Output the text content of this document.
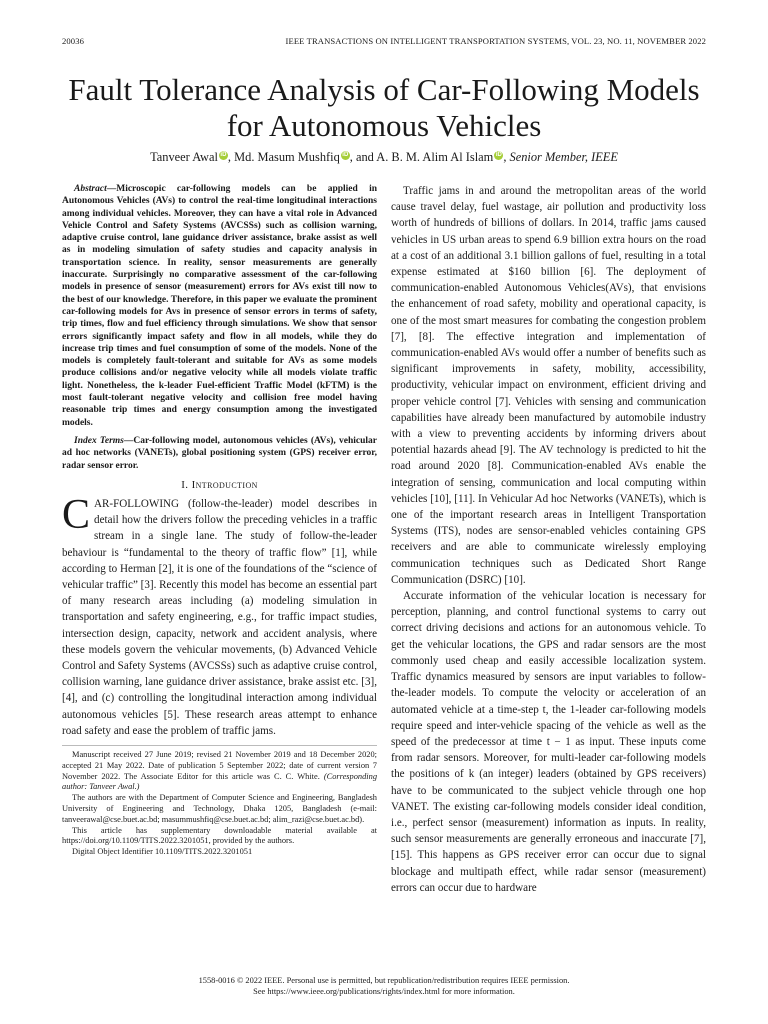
20036	IEEE TRANSACTIONS ON INTELLIGENT TRANSPORTATION SYSTEMS, VOL. 23, NO. 11, NOVEMBER 2022
Fault Tolerance Analysis of Car-Following Models
for Autonomous Vehicles
Tanveer Awal iD , Md. Masum Mushfiq iD , and A. B. M. Alim Al Islam iD , Senior Member, IEEE

Abstract—Microscopic car-following models can be applied in Autonomous Vehicles (AVs) to control the real-time longitudinal interactions among individual vehicles. Moreover, they can have a vital role in Advanced Vehicle Control and Safety Systems (AVCSSs) such as collision warning, adaptive cruise control, lane guidance driver assistance, brake assist as well as in modeling simulation of safety studies and capacity analysis in transportation science. In reality, sensor measurements are generally inaccurate. Surprisingly no comparative assessment of the car-following models in presence of sensor (measurement) errors for AVs exist till now to the best of our knowledge. Therefore, in this paper we evaluate the prominent car-following models for Avs in presence of sensor errors in terms of safety, trip times, flow and fuel efficiency through simulations. We show that sensor errors significantly impact safety and flow in all models, while they do increase trip times and fuel consumption of some of the models. None of the models is completely fault-tolerant and suitable for AVs as some models produce collisions and/or negative velocity while all models violate traffic light. Nonetheless, the k-leader Fuel-efficient Traffic Model (kFTM) is the most fault-tolerant negative velocity and collision free model having reasonable trip times and energy consumption among the investigated models.

Index Terms—Car-following model, autonomous vehicles (AVs), vehicular ad hoc networks (VANETs), global positioning system (GPS) receiver error, radar sensor error.

I. Introduction

CAR-FOLLOWING (follow-the-leader) model describes in detail how the drivers follow the preceding vehicles in a traffic stream in a single lane. The study of follow-the-leader behaviour is “fundamental to the theory of traffic flow” [1], while according to Herman [2], it is one of the foundations of the “science of vehicular traffic” [3]. Recently this model has become an essential part of many research areas including (a) modeling simulation in transportation and safety engineering, e.g., for traffic impact studies, intersection design, capacity, network and accident analysis, where these models govern the vehicular movements, (b) Advanced Vehicle Control and Safety Systems (AVCSSs) such as adaptive cruise control, collision warning, lane guidance driver assistance, brake assist etc. [3], [4], and (c) controlling the longitudinal interaction among individual autonomous vehicles [5]. These research areas attempt to enhance road safety and ease the problem of traffic jams.

Manuscript received 27 June 2019; revised 21 November 2019 and 18 December 2020; accepted 21 May 2022. Date of publication 5 September 2022; date of current version 7 November 2022. The Associate Editor for this article was C. C. White. (Corresponding author: Tanveer Awal.)

The authors are with the Department of Computer Science and Engineering, Bangladesh University of Engineering and Technology, Dhaka 1205, Bangladesh (e-mail: tanveerawal@cse.buet.ac.bd; masummushfiq@cse.buet.ac.bd; alim_razi@cse.buet.ac.bd).

This article has supplementary downloadable material available at https://doi.org/10.1109/TITS.2022.3201051, provided by the authors.

Digital Object Identifier 10.1109/TITS.2022.3201051

Traffic jams in and around the metropolitan areas of the world cause travel delay, fuel wastage, air pollution and productivity loss worth of hundreds of billions of dollars. In 2014, traffic jams caused vehicles in US urban areas to spend 6.9 billion extra hours on the road at a cost of an additional 3.1 billion gallons of fuel, resulting in a total expense estimated at $160 billion [6]. The deployment of communication-enabled Autonomous Vehicles(AVs), that envisions the enhancement of road safety, mobility and operational capacity, is one of the most smart measures for combating the congestion problem [7], [8]. The effective integration and implementation of communication-enabled AVs would offer a number of benefits such as significant improvements in safety, mobility, accessibility, productivity, vehicular impact on environment, efficient driving and proper vehicle control [7]. Vehicles with sensing and communication capabilities have already been manufactured by automobile industry with a view to preventing accidents by informing drivers about potential hazards ahead [9]. The AV technology is predicted to hit the road around 2020 [8]. Communication-enabled AVs enable the integration of sensing, communication and local computing within vehicles [10], [11]. In Vehicular Ad hoc Networks (VANETs), which is one of the important research areas in Intelligent Transportation Systems (ITS), nodes are sensor-enabled vehicles containing GPS receivers and are able to communicate wirelessly employing communication techniques such as Dedicated Short Range Communication (DSRC) [10].

Accurate information of the vehicular location is necessary for perception, planning, and control functional systems to carry out correct driving decisions and actions for an autonomous vehicle. To get the vehicular locations, the GPS and radar sensors are the most commonly used cheap and easily accessible localization system. Traffic dynamics measured by sensors are input variables to follow-the-leader models. To compute the velocity or acceleration of an automated vehicle at a time-step t, the 1-leader car-following models require speed and inter-vehicle spacing of the vehicle as well as the speed of the predecessor at time t − 1 as input. These inputs come from radar sensors. Moreover, for multi-leader car-following models the positions of k (an integer) leaders (obtained by GPS receivers) have to be communicated to the subject vehicle through one hop VANET. The existing car-following models consider ideal condition, i.e., perfect sensor (measurement) information as inputs. In reality, such sensor measurements are generally erroneous and inaccurate [7], [15]. This happens as GPS receiver error can occur due to signal blockage and multipath effect, while radar sensor (measurement) errors can occur due to hardware

1558-0016 © 2022 IEEE. Personal use is permitted, but republication/redistribution requires IEEE permission.
See https://www.ieee.org/publications/rights/index.html for more information.
